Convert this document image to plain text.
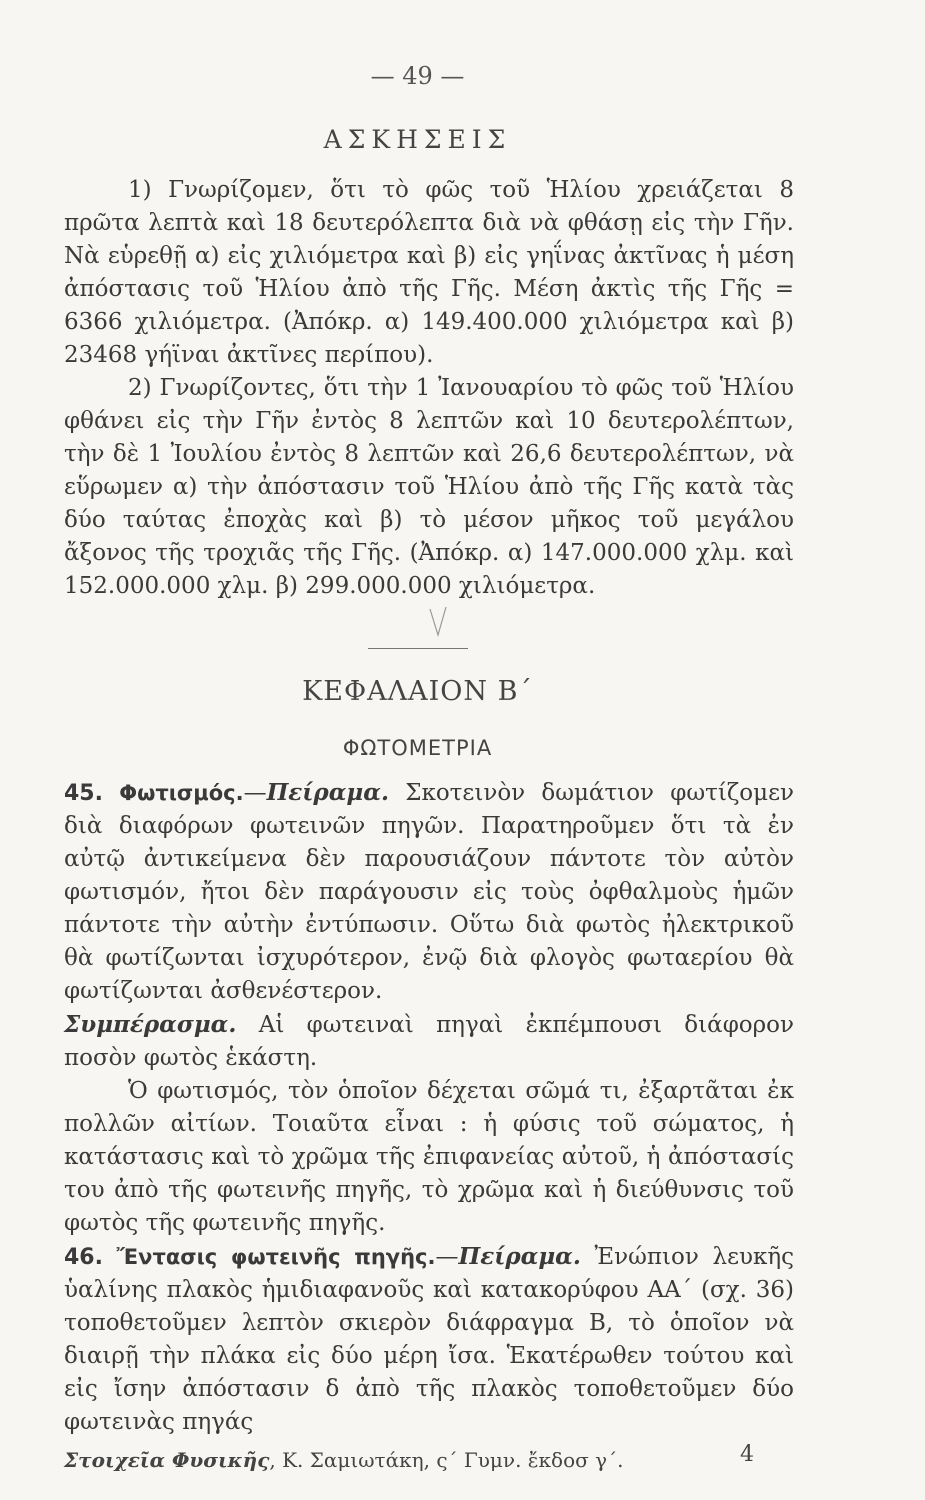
— 49 —
ΑΣΚΗΣΕΙΣ

1) Γνωρίζομεν, ὅτι τὸ φῶς τοῦ Ἡλίου χρειάζεται 8 πρῶτα λεπτὰ καὶ 18 δευτερόλεπτα διὰ νὰ φθάσῃ εἰς τὴν Γῆν. Νὰ εὑρεθῇ α) εἰς χιλιόμετρα καὶ β) εἰς γηΐνας ἀκτῖνας ἡ μέση ἀπόστασις τοῦ Ἡλίου ἀπὸ τῆς Γῆς. Μέση ἀκτὶς τῆς Γῆς = 6366 χιλιόμετρα. (Ἀπόκρ. α) 149.400.000 χιλιόμετρα καὶ β) 23468 γήϊναι ἀκτῖνες περίπου).

2) Γνωρίζοντες, ὅτι τὴν 1 Ἰανουαρίου τὸ φῶς τοῦ Ἡλίου φθάνει εἰς τὴν Γῆν ἐντὸς 8 λεπτῶν καὶ 10 δευτερολέπτων, τὴν δὲ 1 Ἰουλίου ἐντὸς 8 λεπτῶν καὶ 26,6 δευτερολέπτων, νὰ εὕρωμεν α) τὴν ἀπόστασιν τοῦ Ἡλίου ἀπὸ τῆς Γῆς κατὰ τὰς δύο ταύτας ἐποχὰς καὶ β) τὸ μέσον μῆκος τοῦ μεγάλου ἄξονος τῆς τροχιᾶς τῆς Γῆς. (Ἀπόκρ. α) 147.000.000 χλμ. καὶ 152.000.000 χλμ. β) 299.000.000 χιλιόμετρα.

ΚΕΦΑΛΑΙΟΝ Β΄
ΦΩΤΟΜΕΤΡΙΑ

45. Φωτισμός.—Πείραμα. Σκοτεινὸν δωμάτιον φωτίζομεν διὰ διαφόρων φωτεινῶν πηγῶν. Παρατηροῦμεν ὅτι τὰ ἐν αὐτῷ ἀντικείμενα δὲν παρουσιάζουν πάντοτε τὸν αὐτὸν φωτισμόν, ἤτοι δὲν παράγουσιν εἰς τοὺς ὀφθαλμοὺς ἡμῶν πάντοτε τὴν αὐτὴν ἐντύπωσιν. Οὕτω διὰ φωτὸς ἠλεκτρικοῦ θὰ φωτίζωνται ἰσχυρότερον, ἐνῷ διὰ φλογὸς φωταερίου θὰ φωτίζωνται ἀσθενέστερον.

Συμπέρασμα. Αἱ φωτειναὶ πηγαὶ ἐκπέμπουσι διάφορον ποσὸν φωτὸς ἑκάστη.

Ὁ φωτισμός, τὸν ὁποῖον δέχεται σῶμά τι, ἐξαρτᾶται ἐκ πολλῶν αἰτίων. Τοιαῦτα εἶναι : ἡ φύσις τοῦ σώματος, ἡ κατάστασις καὶ τὸ χρῶμα τῆς ἐπιφανείας αὐτοῦ, ἡ ἀπόστασίς του ἀπὸ τῆς φωτεινῆς πηγῆς, τὸ χρῶμα καὶ ἡ διεύθυνσις τοῦ φωτὸς τῆς φωτεινῆς πηγῆς.

46. Ἔντασις φωτεινῆς πηγῆς.—Πείραμα. Ἐνώπιον λευκῆς ὑαλίνης πλακὸς ἡμιδιαφανοῦς καὶ κατακορύφου ΑΑ΄ (σχ. 36) τοποθετοῦμεν λεπτὸν σκιερὸν διάφραγμα Β, τὸ ὁποῖον νὰ διαιρῇ τὴν πλάκα εἰς δύο μέρη ἴσα. Ἑκατέρωθεν τούτου καὶ εἰς ἴσην ἀπόστασιν δ ἀπὸ τῆς πλακὸς τοποθετοῦμεν δύο φωτεινὰς πηγάς

Στοιχεῖα Φυσικῆς, Κ. Σαμιωτάκη, ς΄ Γυμν. ἔκδοσ γ΄.	4
